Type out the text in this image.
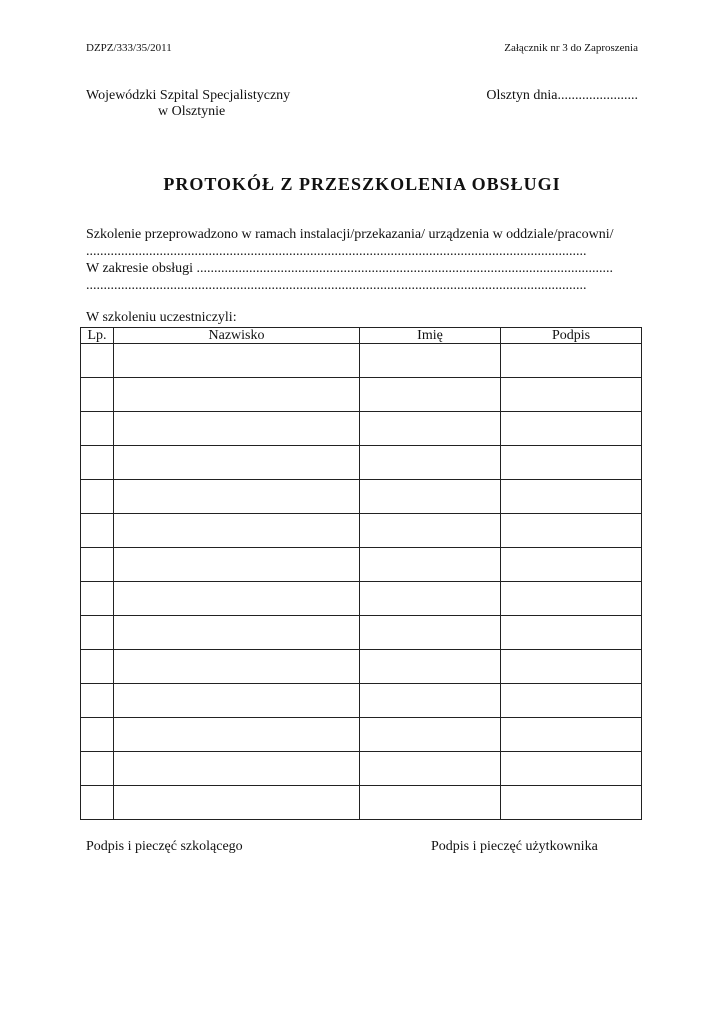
DZPZ/333/35/2011	Załącznik nr 3 do Zaproszenia
Wojewódzki Szpital Specjalistyczny
w Olsztynie
Olsztyn dnia.......................
PROTOKÓŁ Z PRZESZKOLENIA OBSŁUGI
Szkolenie przeprowadzono w ramach instalacji/przekazania/ urządzenia w oddziale/pracowni/
...............................................................................................................................................
W zakresie obsługi .......................................................................................................................
...............................................................................................................................................
W szkoleniu uczestniczyli:
Lp.	Nazwisko	Imię	Podpis

Podpis i pieczęć szkolącego	Podpis i pieczęć użytkownika
